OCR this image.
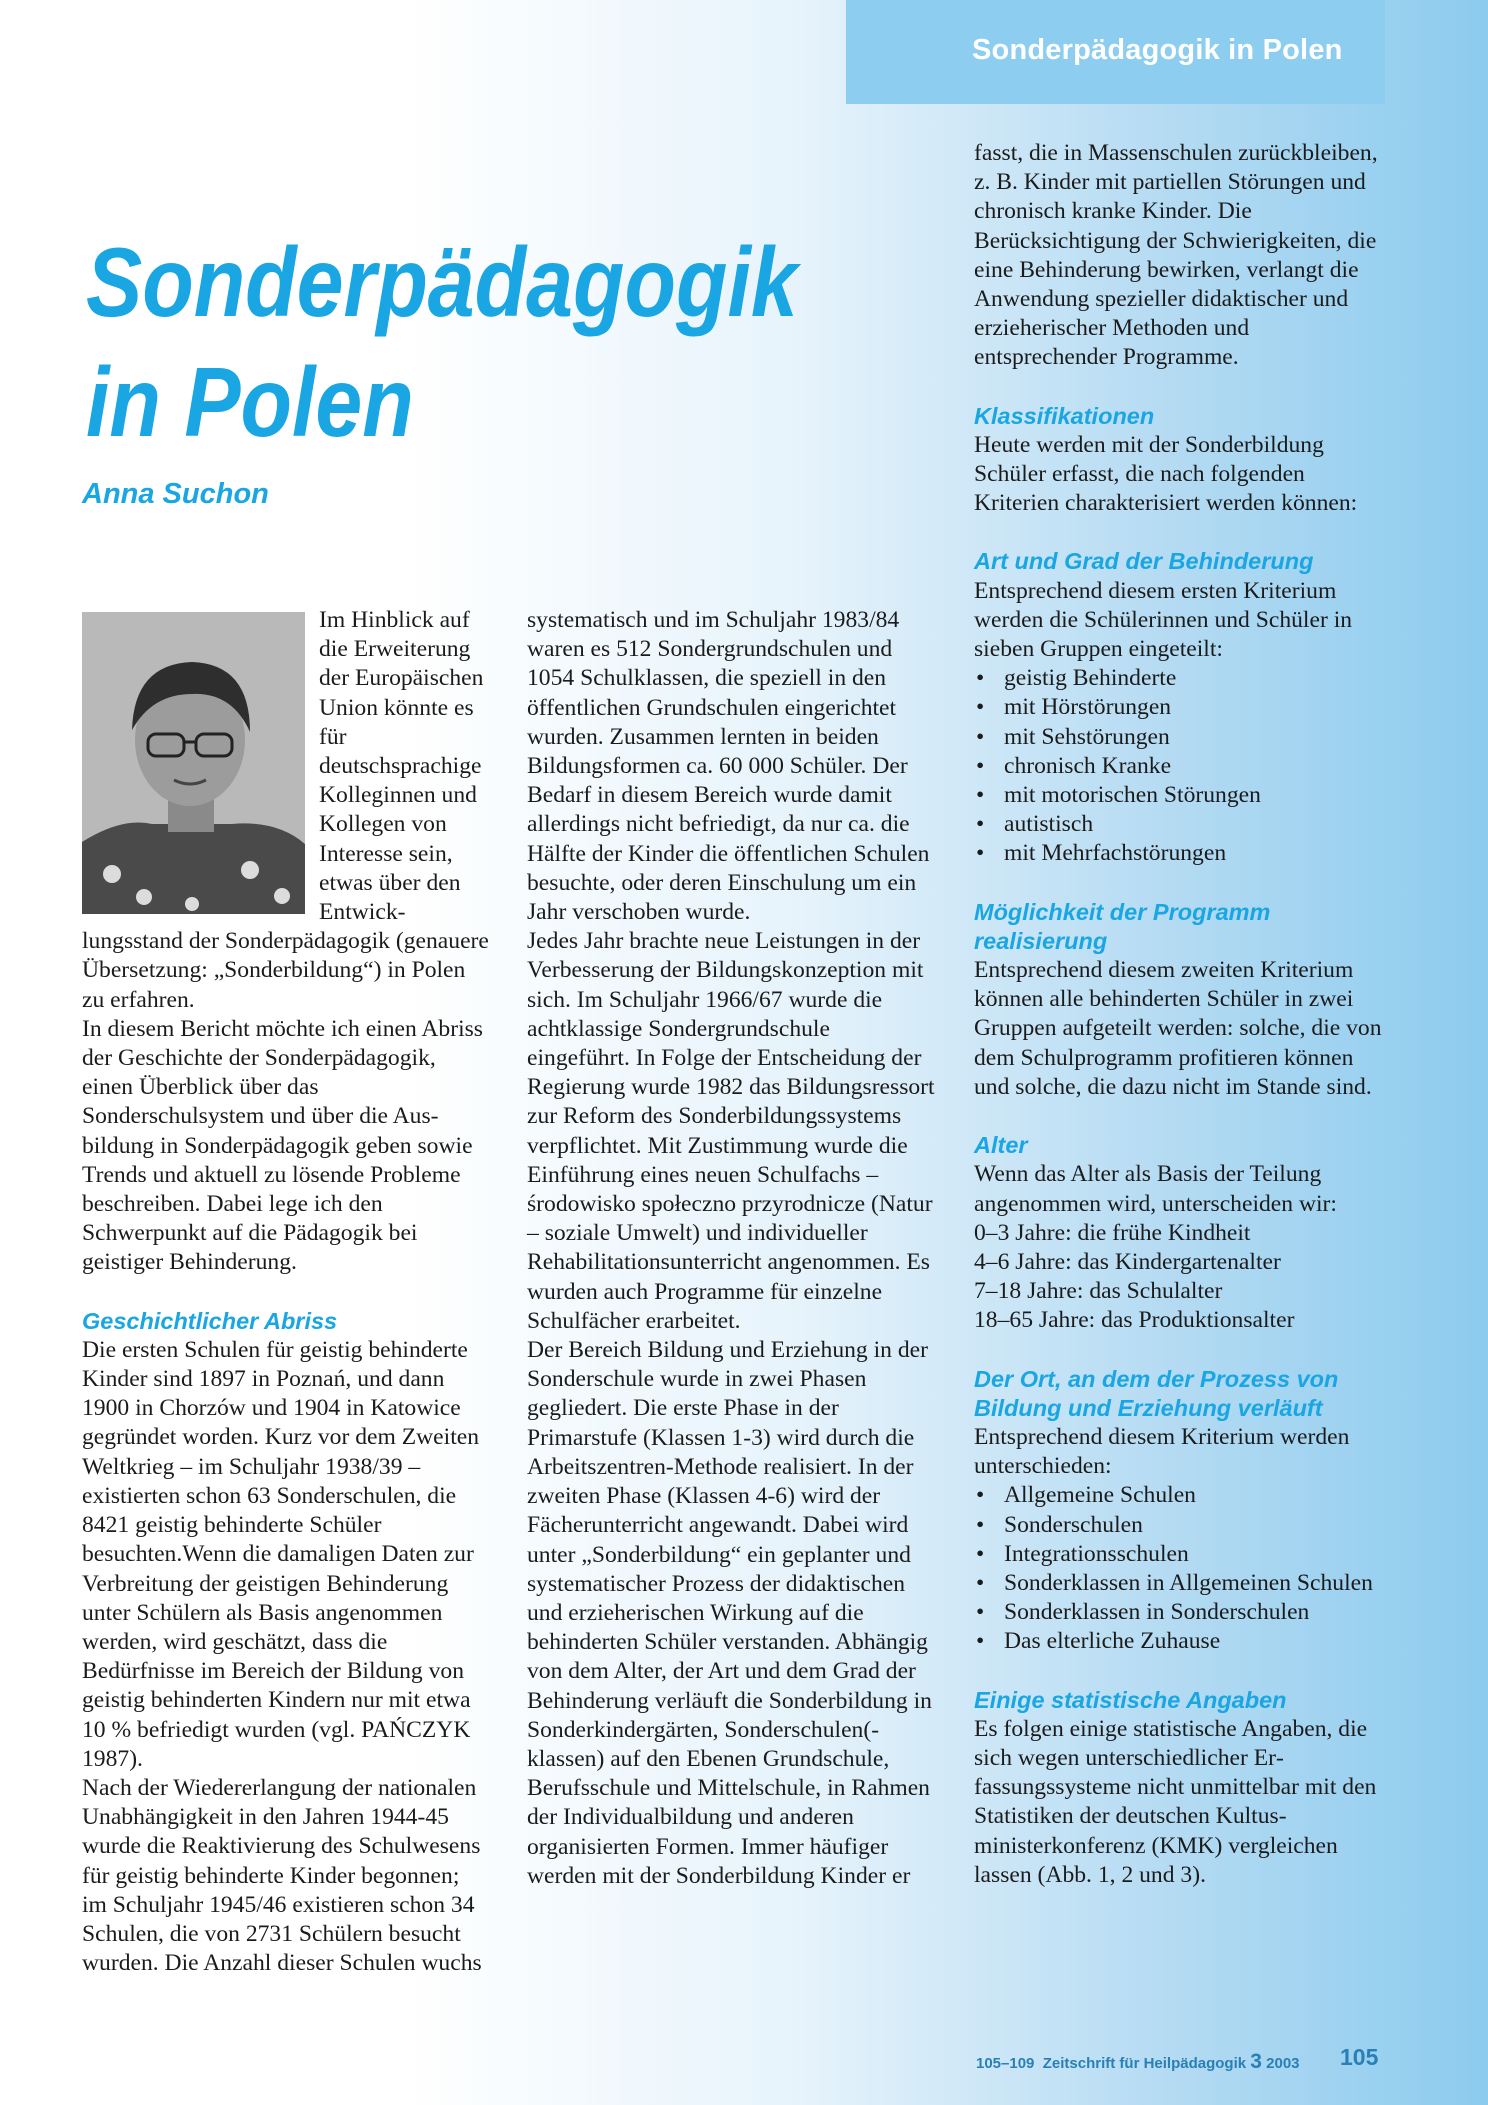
Sonderpädagogik in Polen
Sonderpädagogik
in Polen
Anna Suchon

Im Hinblick auf die Erweiterung der Europäischen Union könnte es für deutschsprachige Kolleginnen und Kollegen von Interesse sein, etwas über den Entwicklungsstand der Sonderpädagogik (genauere Übersetzung: „Sonderbildung“) in Polen zu erfahren.

In diesem Bericht möchte ich einen Abriss der Geschichte der Sonderpädagogik, einen Überblick über das Sonderschulsystem und über die Ausbildung in Sonderpädagogik geben sowie Trends und aktuell zu lösende Probleme beschreiben. Dabei lege ich den Schwerpunkt auf die Pädagogik bei geistiger Behinderung.

Geschichtlicher Abriss

Die ersten Schulen für geistig behinderte Kinder sind 1897 in Poznań, und dann 1900 in Chorzów und 1904 in Katowice gegründet worden. Kurz vor dem Zweiten Weltkrieg – im Schuljahr 1938/39 – existierten schon 63 Sonderschulen, die 8421 geistig behinderte Schüler besuchten.Wenn die damaligen Daten zur Verbreitung der geistigen Behinderung unter Schülern als Basis angenommen werden, wird geschätzt, dass die Bedürfnisse im Bereich der Bildung von geistig behinderten Kindern nur mit etwa 10 % befriedigt wurden (vgl. PAŃCZYK 1987).

Nach der Wiedererlangung der nationalen Unabhängigkeit in den Jahren 1944-45 wurde die Reaktivierung des Schulwesens für geistig behinderte Kinder begonnen; im Schuljahr 1945/46 existieren schon 34 Schulen, die von 2731 Schülern besucht wurden. Die Anzahl dieser Schulen wuchs

systematisch und im Schuljahr 1983/84 waren es 512 Sondergrundschulen und 1054 Schulklassen, die speziell in den öffentlichen Grundschulen eingerichtet wurden. Zusammen lernten in beiden Bildungsformen ca. 60 000 Schüler. Der Bedarf in diesem Bereich wurde damit allerdings nicht befriedigt, da nur ca. die Hälfte der Kinder die öffentlichen Schulen besuchte, oder deren Einschulung um ein Jahr verschoben wurde.

Jedes Jahr brachte neue Leistungen in der Verbesserung der Bildungskonzeption mit sich. Im Schuljahr 1966/67 wurde die achtklassige Sondergrundschule eingeführt. In Folge der Entscheidung der Regierung wurde 1982 das Bildungsressort zur Reform des Sonderbildungssystems verpflichtet. Mit Zustimmung wurde die Einführung eines neuen Schulfachs – środowisko społeczno przyrodnicze (Natur – soziale Umwelt) und individueller Rehabilitationsunterricht angenommen. Es wurden auch Programme für einzelne Schulfächer erarbeitet.

Der Bereich Bildung und Erziehung in der Sonderschule wurde in zwei Phasen gegliedert. Die erste Phase in der Primarstufe (Klassen 1-3) wird durch die Arbeitszentren-Methode realisiert. In der zweiten Phase (Klassen 4-6) wird der Fächerunterricht angewandt. Dabei wird unter „Sonderbildung“ ein geplanter und systematischer Prozess der didaktischen und erzieherischen Wirkung auf die behinderten Schüler verstanden. Abhängig von dem Alter, der Art und dem Grad der Behinderung verläuft die Sonderbildung in Sonderkindergärten, Sonderschulen(-klassen) auf den Ebenen Grundschule, Berufsschule und Mittelschule, in Rahmen der Individualbildung und anderen organisierten Formen. Immer häufiger werden mit der Sonderbildung Kinder er

fasst, die in Massenschulen zurückbleiben, z. B. Kinder mit partiellen Störungen und chronisch kranke Kinder. Die Berücksichtigung der Schwierigkeiten, die eine Behinderung bewirken, verlangt die Anwendung spezieller didaktischer und erzieherischer Methoden und entsprechender Programme.

Klassifikationen

Heute werden mit der Sonderbildung Schüler erfasst, die nach folgenden Kriterien charakterisiert werden können:

Art und Grad der Behinderung

Entsprechend diesem ersten Kriterium werden die Schülerinnen und Schüler in sieben Gruppen eingeteilt:

• geistig Behinderte
• mit Hörstörungen
• mit Sehstörungen
• chronisch Kranke
• mit motorischen Störungen
• autistisch
• mit Mehrfachstörungen

Möglichkeit der Programm
realisierung

Entsprechend diesem zweiten Kriterium können alle behinderten Schüler in zwei Gruppen aufgeteilt werden: solche, die von dem Schulprogramm profitieren können und solche, die dazu nicht im Stande sind.

Alter

Wenn das Alter als Basis der Teilung angenommen wird, unterscheiden wir:

0–3 Jahre: die frühe Kindheit

4–6 Jahre: das Kindergartenalter

7–18 Jahre: das Schulalter

18–65 Jahre: das Produktionsalter

Der Ort, an dem der Prozess von
Bildung und Erziehung verläuft

Entsprechend diesem Kriterium werden unterschieden:

• Allgemeine Schulen
• Sonderschulen
• Integrationsschulen
• Sonderklassen in Allgemeinen Schulen
• Sonderklassen in Sonderschulen
• Das elterliche Zuhause

Einige statistische Angaben

Es folgen einige statistische Angaben, die sich wegen unterschiedlicher Erfassungssysteme nicht unmittelbar mit den Statistiken der deutschen Kultusministerkonferenz (KMK) vergleichen lassen (Abb. 1, 2 und 3).

105–109 Zeitschrift für Heilpädagogik 3 2003 105
